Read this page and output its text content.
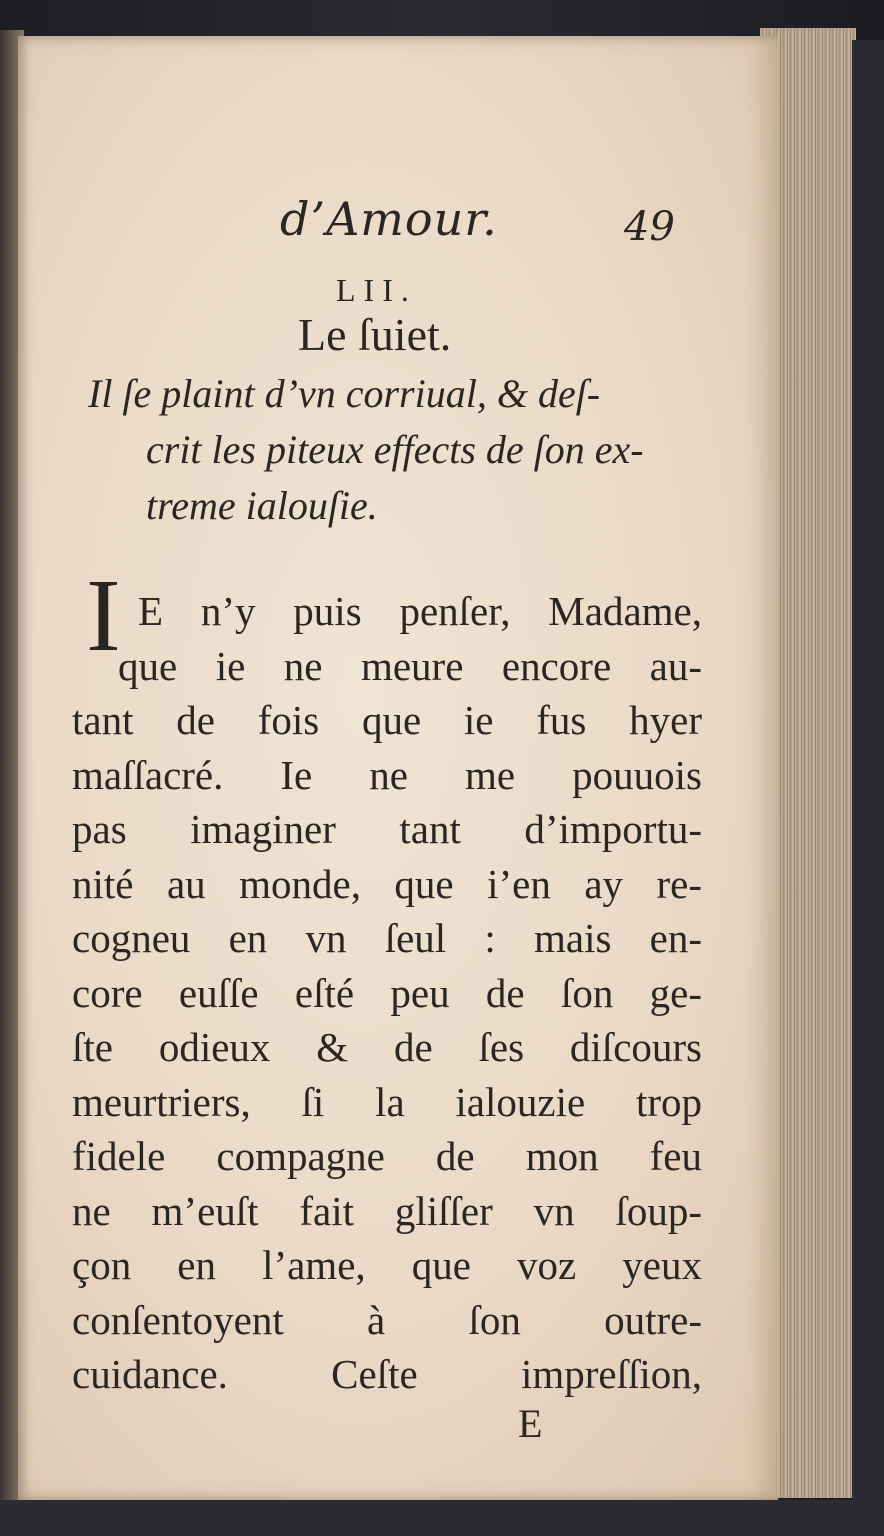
d’Amour.	49
LII.
Le ſuiet.
Il ſe plaint d’vn corriual, & deſ-
crit les piteux effects de ſon ex-
treme ialouſie.
I E n’y puis penſer, Madame,
que ie ne meure encore au-
tant de fois que ie fus hyer
maſſacré. Ie ne me pouuois
pas imaginer tant d’importu-
nité au monde, que i’en ay re-
cogneu en vn ſeul : mais en-
core euſſe eſté peu de ſon ge-
ſte odieux & de ſes diſcours
meurtriers, ſi la ialouzie trop
fidele compagne de mon feu
ne m’euſt fait gliſſer vn ſoup-
çon en l’ame, que voz yeux
conſentoyent à ſon outre-
cuidance. Ceſte impreſſion,
E
